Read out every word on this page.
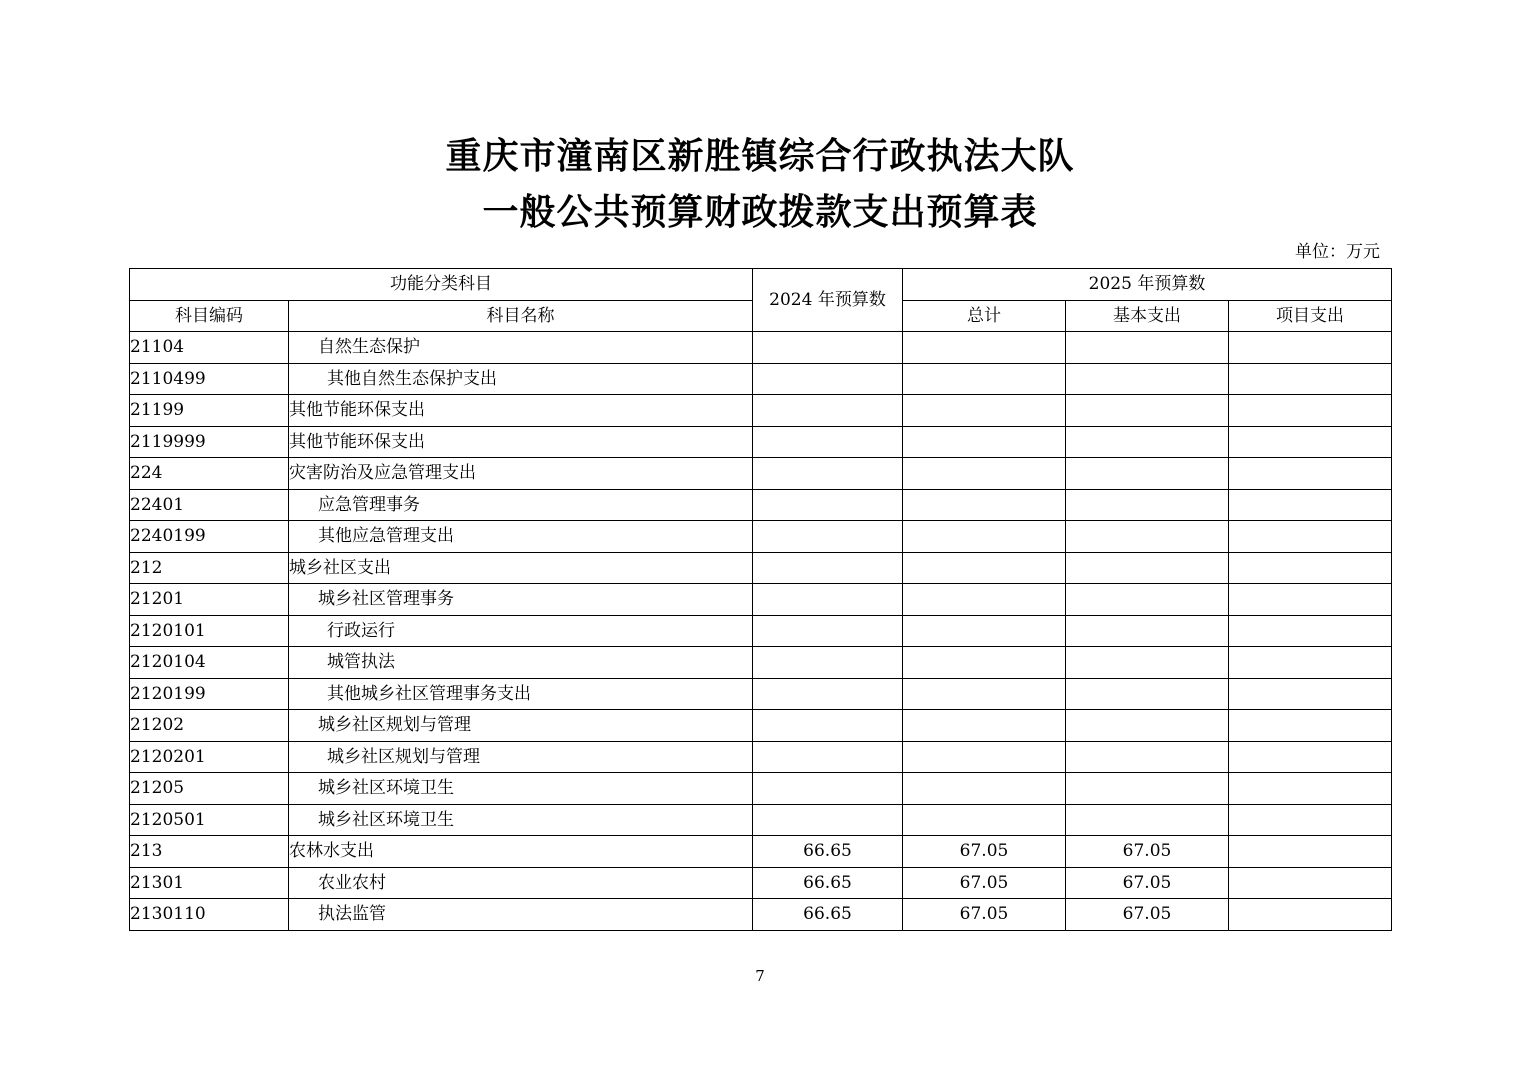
重庆市潼南区新胜镇综合行政执法大队
一般公共预算财政拨款支出预算表
单位：万元
功能分类科目		2024 年预算数	2025 年预算数		
科目编码	科目名称		总计	基本支出	项目支出
21104	自然生态保护				
2110499	其他自然生态保护支出				
21199	其他节能环保支出				
2119999	其他节能环保支出				
224	灾害防治及应急管理支出				
22401	应急管理事务				
2240199	其他应急管理支出				
212	城乡社区支出				
21201	城乡社区管理事务				
2120101	行政运行				
2120104	城管执法				
2120199	其他城乡社区管理事务支出				
21202	城乡社区规划与管理				
2120201	城乡社区规划与管理				
21205	城乡社区环境卫生				
2120501	城乡社区环境卫生				
213	农林水支出	66.65	67.05	67.05	
21301	农业农村	66.65	67.05	67.05	
2130110	执法监管	66.65	67.05	67.05	
7
